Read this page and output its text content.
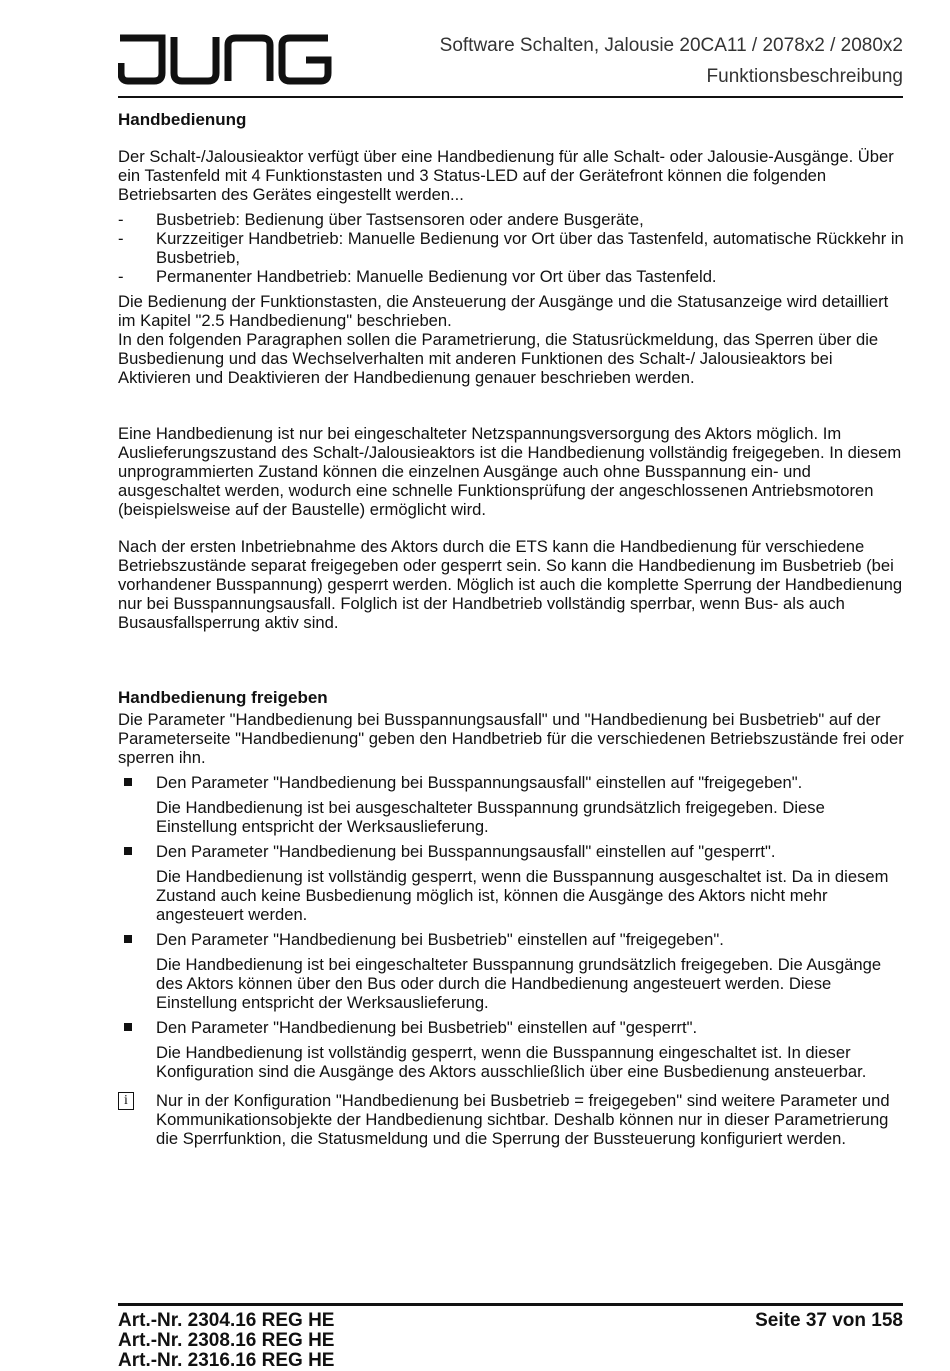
Software Schalten, Jalousie 20CA11 / 2078x2 / 2080x2
Funktionsbeschreibung
Handbedienung

Der Schalt-/Jalousieaktor verfügt über eine Handbedienung für alle Schalt- oder Jalousie-Ausgänge. Über ein Tastenfeld mit 4 Funktionstasten und 3 Status-LED auf der Gerätefront können die folgenden Betriebsarten des Gerätes eingestellt werden...

- Busbetrieb: Bedienung über Tastsensoren oder andere Busgeräte,
- Kurzzeitiger Handbetrieb: Manuelle Bedienung vor Ort über das Tastenfeld, automatische Rückkehr in Busbetrieb,
- Permanenter Handbetrieb: Manuelle Bedienung vor Ort über das Tastenfeld.

Die Bedienung der Funktionstasten, die Ansteuerung der Ausgänge und die Statusanzeige wird detailliert im Kapitel "2.5 Handbedienung" beschrieben.

In den folgenden Paragraphen sollen die Parametrierung, die Statusrückmeldung, das Sperren über die Busbedienung und das Wechselverhalten mit anderen Funktionen des Schalt-/ Jalousieaktors bei Aktivieren und Deaktivieren der Handbedienung genauer beschrieben werden.

Eine Handbedienung ist nur bei eingeschalteter Netzspannungsversorgung des Aktors möglich. Im Auslieferungszustand des Schalt-/Jalousieaktors ist die Handbedienung vollständig freigegeben. In diesem unprogrammierten Zustand können die einzelnen Ausgänge auch ohne Busspannung ein- und ausgeschaltet werden, wodurch eine schnelle Funktionsprüfung der angeschlossenen Antriebsmotoren (beispielsweise auf der Baustelle) ermöglicht wird.

Nach der ersten Inbetriebnahme des Aktors durch die ETS kann die Handbedienung für verschiedene Betriebszustände separat freigegeben oder gesperrt sein. So kann die Handbedienung im Busbetrieb (bei vorhandener Busspannung) gesperrt werden. Möglich ist auch die komplette Sperrung der Handbedienung nur bei Busspannungsausfall. Folglich ist der Handbetrieb vollständig sperrbar, wenn Bus- als auch Busausfallsperrung aktiv sind.

Handbedienung freigeben

Die Parameter "Handbedienung bei Busspannungsausfall" und "Handbedienung bei Busbetrieb" auf der Parameterseite "Handbedienung" geben den Handbetrieb für die verschiedenen Betriebszustände frei oder sperren ihn.

Den Parameter "Handbedienung bei Busspannungsausfall" einstellen auf "freigegeben".
Die Handbedienung ist bei ausgeschalteter Busspannung grundsätzlich freigegeben. Diese Einstellung entspricht der Werksauslieferung.
Den Parameter "Handbedienung bei Busspannungsausfall" einstellen auf "gesperrt".
Die Handbedienung ist vollständig gesperrt, wenn die Busspannung ausgeschaltet ist. Da in diesem Zustand auch keine Busbedienung möglich ist, können die Ausgänge des Aktors nicht mehr angesteuert werden.
Den Parameter "Handbedienung bei Busbetrieb" einstellen auf "freigegeben".
Die Handbedienung ist bei eingeschalteter Busspannung grundsätzlich freigegeben. Die Ausgänge des Aktors können über den Bus oder durch die Handbedienung angesteuert werden. Diese Einstellung entspricht der Werksauslieferung.
Den Parameter "Handbedienung bei Busbetrieb" einstellen auf "gesperrt".
Die Handbedienung ist vollständig gesperrt, wenn die Busspannung eingeschaltet ist. In dieser Konfiguration sind die Ausgänge des Aktors ausschließlich über eine Busbedienung ansteuerbar.
i	Nur in der Konfiguration "Handbedienung bei Busbetrieb = freigegeben" sind weitere Parameter und Kommunikationsobjekte der Handbedienung sichtbar. Deshalb können nur in dieser Parametrierung die Sperrfunktion, die Statusmeldung und die Sperrung der Bussteuerung konfiguriert werden.
Art.-Nr. 2304.16 REG HE
Art.-Nr. 2308.16 REG HE
Art.-Nr. 2316.16 REG HE
Seite 37 von 158
